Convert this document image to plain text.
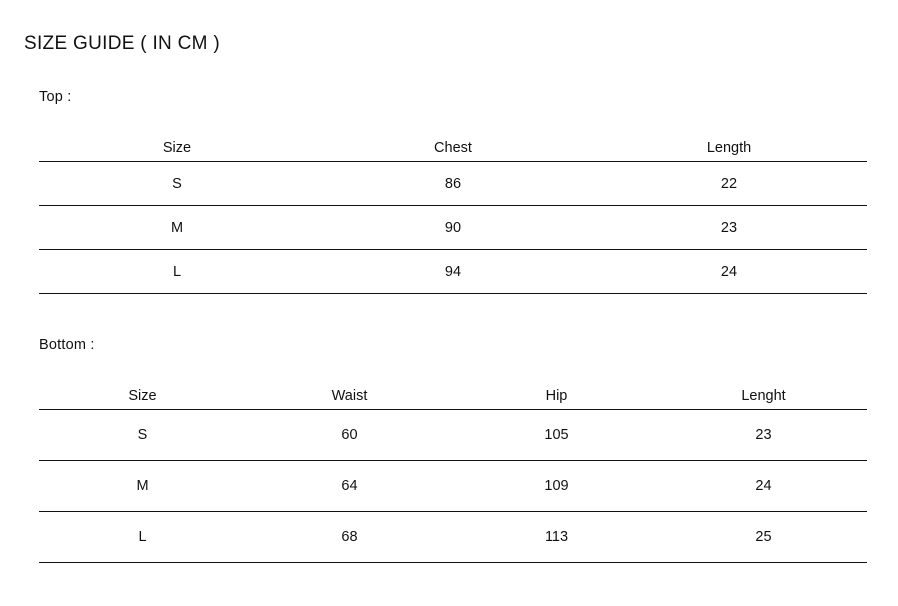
SIZE GUIDE ( IN CM )
Top :
Size	Chest	Length
S	86	22
M	90	23
L	94	24
Bottom :
Size	Waist	Hip	Lenght
S	60	105	23
M	64	109	24
L	68	113	25
